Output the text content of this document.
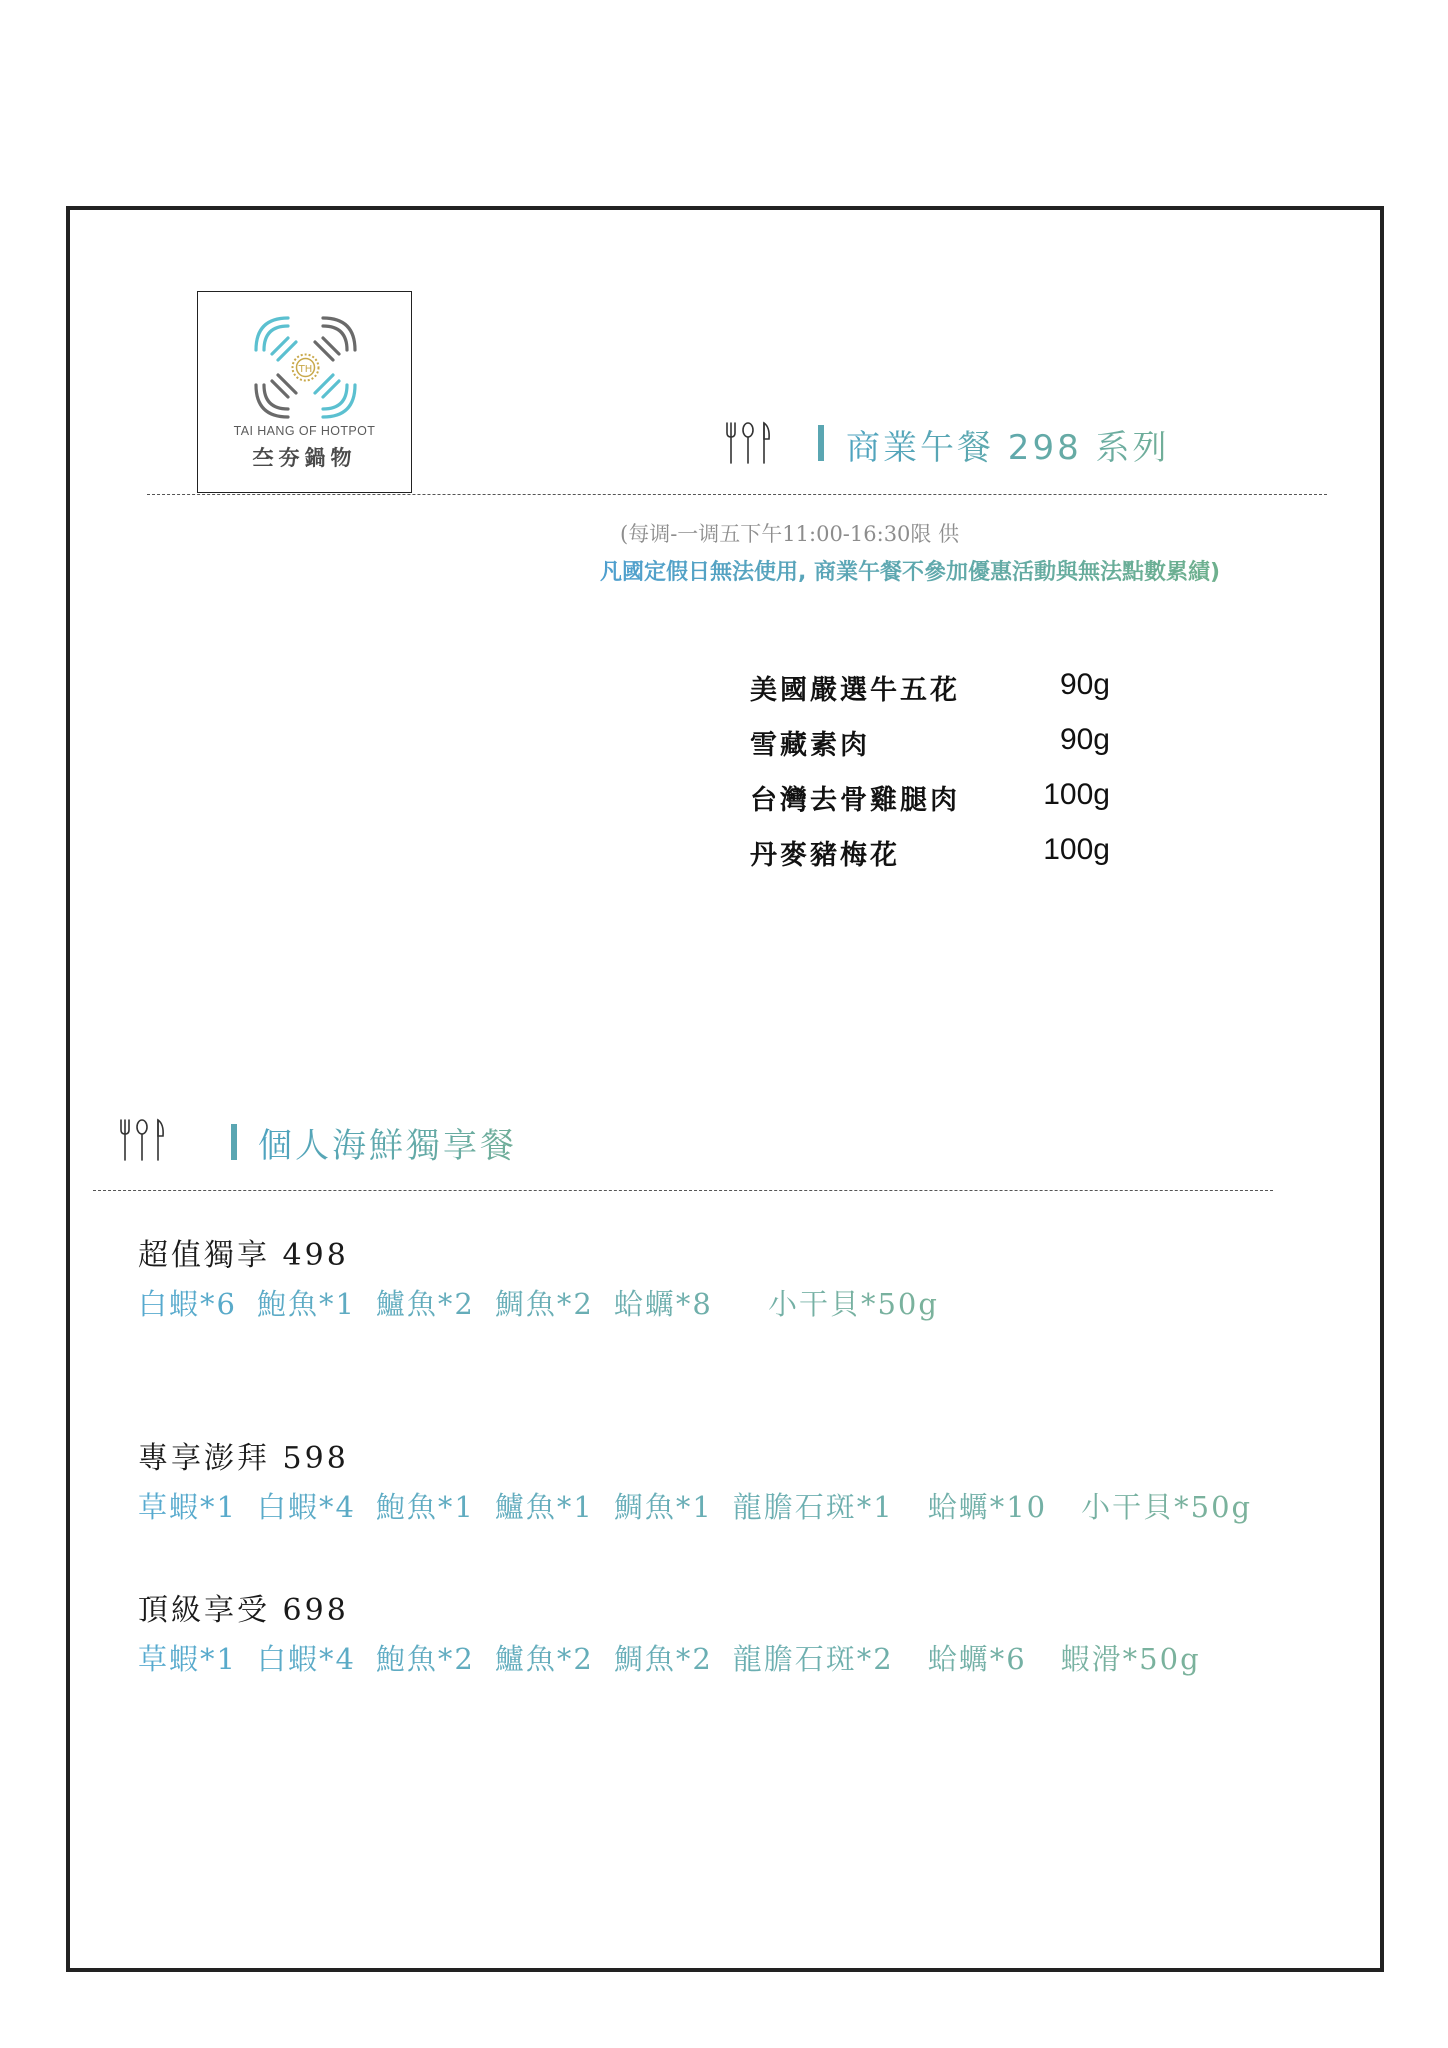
TH
TAI HANG OF HOTPOT
夳夯鍋物	商業午餐 298 系列
(每调-一调五下午11:00-16:30限 供
凡國定假日無法使用, 商業午餐不參加優惠活動與無法點數累績)
美國嚴選牛五花	90g
雪藏素肉	90g
台灣去骨雞腿肉	100g
丹麥豬梅花	100g
個人海鮮獨享餐
超值獨享 498
白蝦*6 鮑魚*1 鱸魚*2 鯛魚*2 蛤蠣*8 小干貝*50g
專享澎拜 598
草蝦*1 白蝦*4 鮑魚*1 鱸魚*1 鯛魚*1 龍膽石斑*1 蛤蠣*10 小干貝*50g
頂級享受 698
草蝦*1 白蝦*4 鮑魚*2 鱸魚*2 鯛魚*2 龍膽石斑*2 蛤蠣*6 蝦滑*50g
